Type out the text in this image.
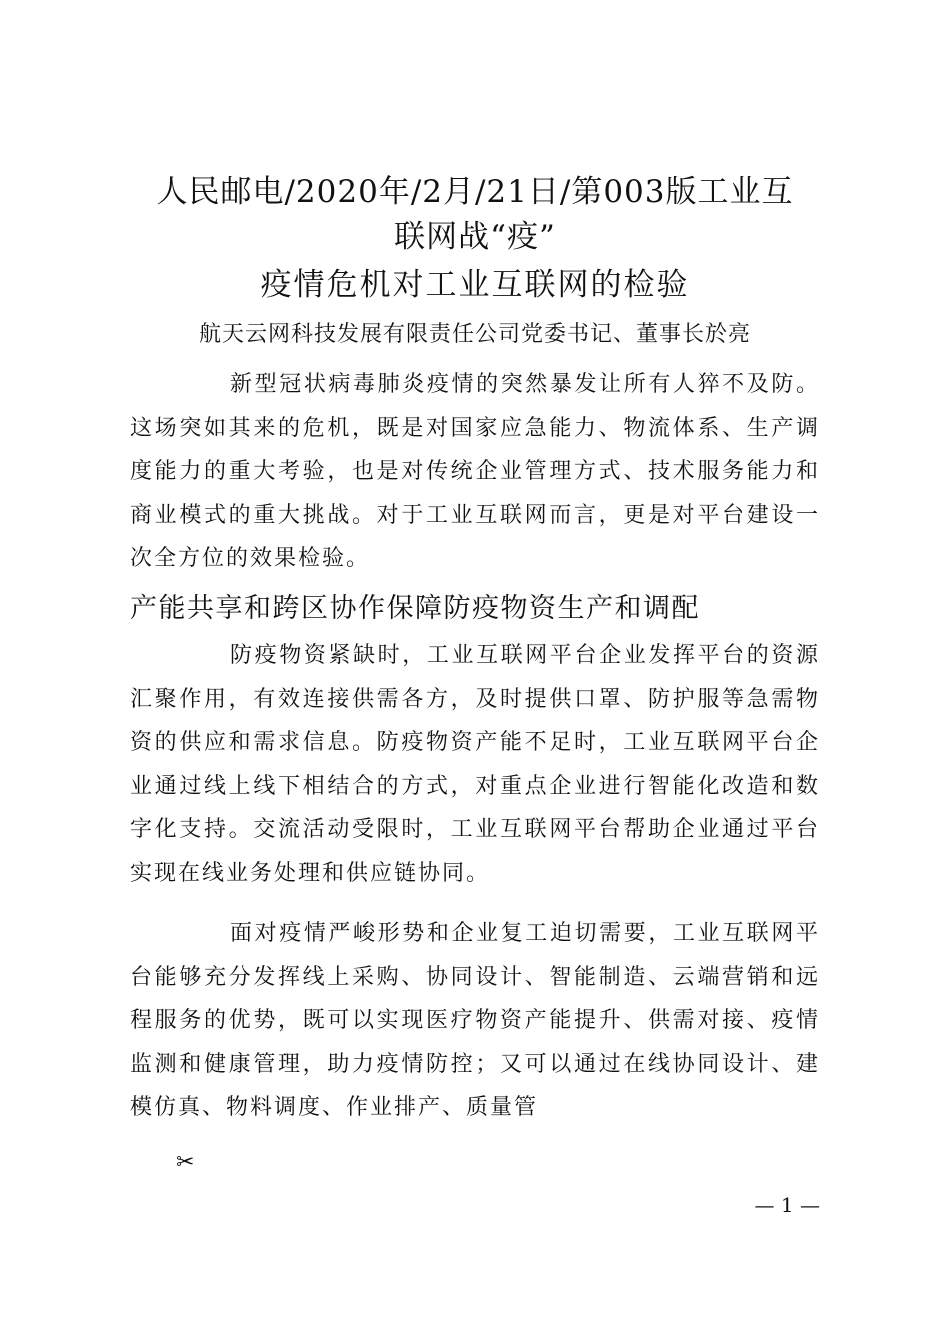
人民邮电/2020年/2月/21日/第003版工业互
联网战“疫”
疫情危机对工业互联网的检验
航天云网科技发展有限责任公司党委书记、董事长於亮

新型冠状病毒肺炎疫情的突然暴发让所有人猝不及防。这场突如其来的危机，既是对国家应急能力、物流体系、生产调度能力的重大考验，也是对传统企业管理方式、技术服务能力和商业模式的重大挑战。对于工业互联网而言，更是对平台建设一次全方位的效果检验。

产能共享和跨区协作保障防疫物资生产和调配

防疫物资紧缺时，工业互联网平台企业发挥平台的资源汇聚作用，有效连接供需各方，及时提供口罩、防护服等急需物资的供应和需求信息。防疫物资产能不足时，工业互联网平台企业通过线上线下相结合的方式，对重点企业进行智能化改造和数字化支持。交流活动受限时，工业互联网平台帮助企业通过平台实现在线业务处理和供应链协同。

面对疫情严峻形势和企业复工迫切需要，工业互联网平台能够充分发挥线上采购、协同设计、智能制造、云端营销和远程服务的优势，既可以实现医疗物资产能提升、供需对接、疫情监测和健康管理，助力疫情防控；又可以通过在线协同设计、建模仿真、物料调度、作业排产、质量管

✂
— 1 —
